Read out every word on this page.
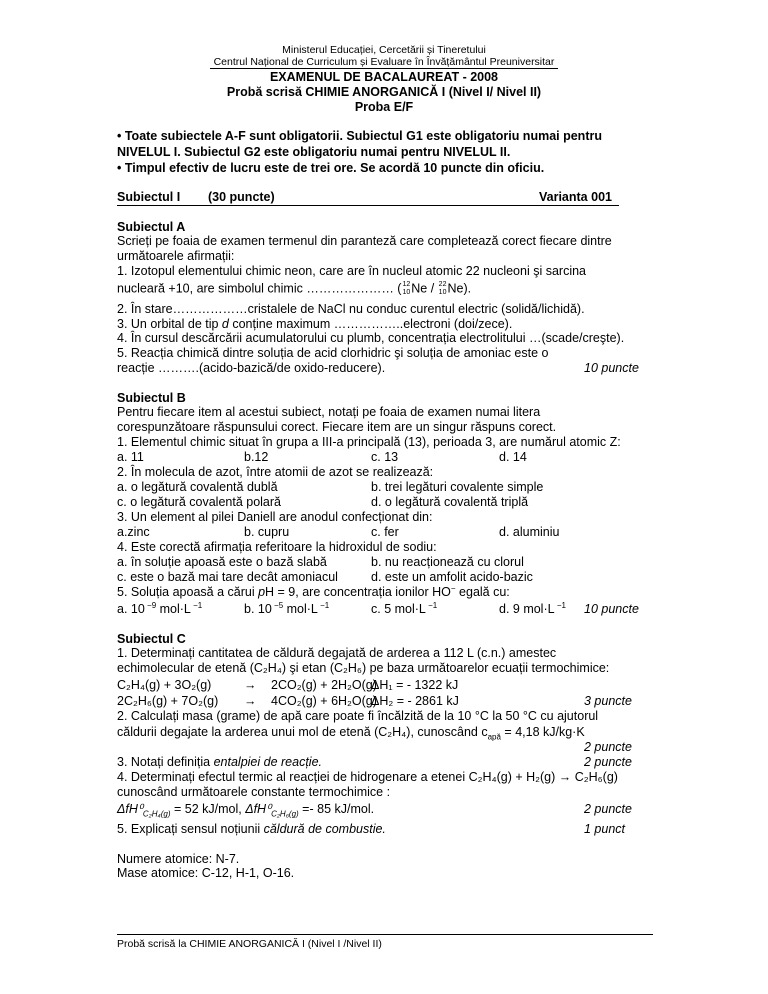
Ministerul Educației, Cercetării și Tineretului
Centrul Național de Curriculum și Evaluare în Învățământul Preuniversitar
EXAMENUL DE BACALAUREAT - 2008
Probă scrisă CHIMIE ANORGANICĂ I (Nivel I/ Nivel II)
Proba E/F
• Toate subiectele A-F sunt obligatorii. Subiectul G1 este obligatoriu numai pentru
NIVELUL I. Subiectul G2 este obligatoriu numai pentru NIVELUL II.
• Timpul efectiv de lucru este de trei ore. Se acordă 10 puncte din oficiu.
Subiectul I (30 puncte)	Varianta 001
Subiectul A
Scrieți pe foaia de examen termenul din paranteză care completează corect fiecare dintre
următoarele afirmații:
1. Izotopul elementului chimic neon, care are în nucleul atomic 22 nucleoni şi sarcina
nucleară +10, are simbolul chimic ………………… (12
10Ne / 22
10Ne).
2. În stare………………cristalele de NaCl nu conduc curentul electric (solidă/lichidă).
3. Un orbital de tip d conține maximum ……………..electroni (doi/zece).
4. În cursul descărcării acumulatorului cu plumb, concentrația electrolitului …(scade/creşte).
5. Reacția chimică dintre soluția de acid clorhidric şi soluția de amoniac este o
reacție ……….(acido-bazică/de oxido-reducere).	10 puncte
Subiectul B
Pentru fiecare item al acestui subiect, notați pe foaia de examen numai litera
corespunzătoare răspunsului corect. Fiecare item are un singur răspuns corect.
1. Elementul chimic situat în grupa a III-a principală (13), perioada 3, are numărul atomic Z:
a. 11	b.12	c. 13	d. 14
2. În molecula de azot, între atomii de azot se realizează:
a. o legătură covalentă dublă	b. trei legături covalente simple
c. o legătură covalentă polară	d. o legătură covalentă triplă
3. Un element al pilei Daniell are anodul confecționat din:
a.zinc	b. cupru	c. fer	d. aluminiu
4. Este corectă afirmația referitoare la hidroxidul de sodiu:
a. în soluție apoasă este o bază slabă	b. nu reacționează cu clorul
c. este o bază mai tare decât amoniacul	d. este un amfolit acido-bazic
5. Soluția apoasă a cărui pH = 9, are concentrația ionilor HO− egală cu:
a. 10 $^{-9}$ mol·L $^{-1}$	b. 10 $^{-5}$ mol·L $^{-1}$	c. 5 mol·L $^{-1}$	d. 9 mol·L $^{-1}$ 10 puncte
Subiectul C
1. Determinați cantitatea de căldură degajată de arderea a 112 L (c.n.) amestec
echimolecular de etenă (C₂H₄) şi etan (C₂H₆) pe baza următoarelor ecuații termochimice:
C₂H₄(g) + 3O₂(g)	→ 2CO₂(g) + 2H₂O(g)
ΔH₁ = - 1322 kJ
2C₂H₆(g) + 7O₂(g) → 4CO₂(g) + 6H₂O(g)
ΔH₂ = - 2861 kJ	3 puncte
2. Calculați masa (grame) de apă care poate fi încălzită de la 10 °C la 50 °C cu ajutorul
căldurii degajate la arderea unui mol de etenă (C₂H₄), cunoscând $c_{apă} = 4,18$ kJ/kg·K
2 puncte
3. Notați definiția entalpiei de reacție.	2 puncte
4. Determinați efectul termic al reacției de hidrogenare a etenei C₂H₄(g) + H₂(g) → C₂H₆(g)
cunoscând următoarele constante termochimice :
$\Delta fH^0_{C_2H_4(g)} = 52$ kJ/mol, $\Delta fH^0_{C_2H_6(g)} =- 85$ kJ/mol.	2 puncte
5. Explicați sensul noțiunii căldură de combustie.	1 punct
Numere atomice: N-7.
Mase atomice: C-12, H-1, O-16.
Probă scrisă la CHIMIE ANORGANICĂ I (Nivel I /Nivel II)
